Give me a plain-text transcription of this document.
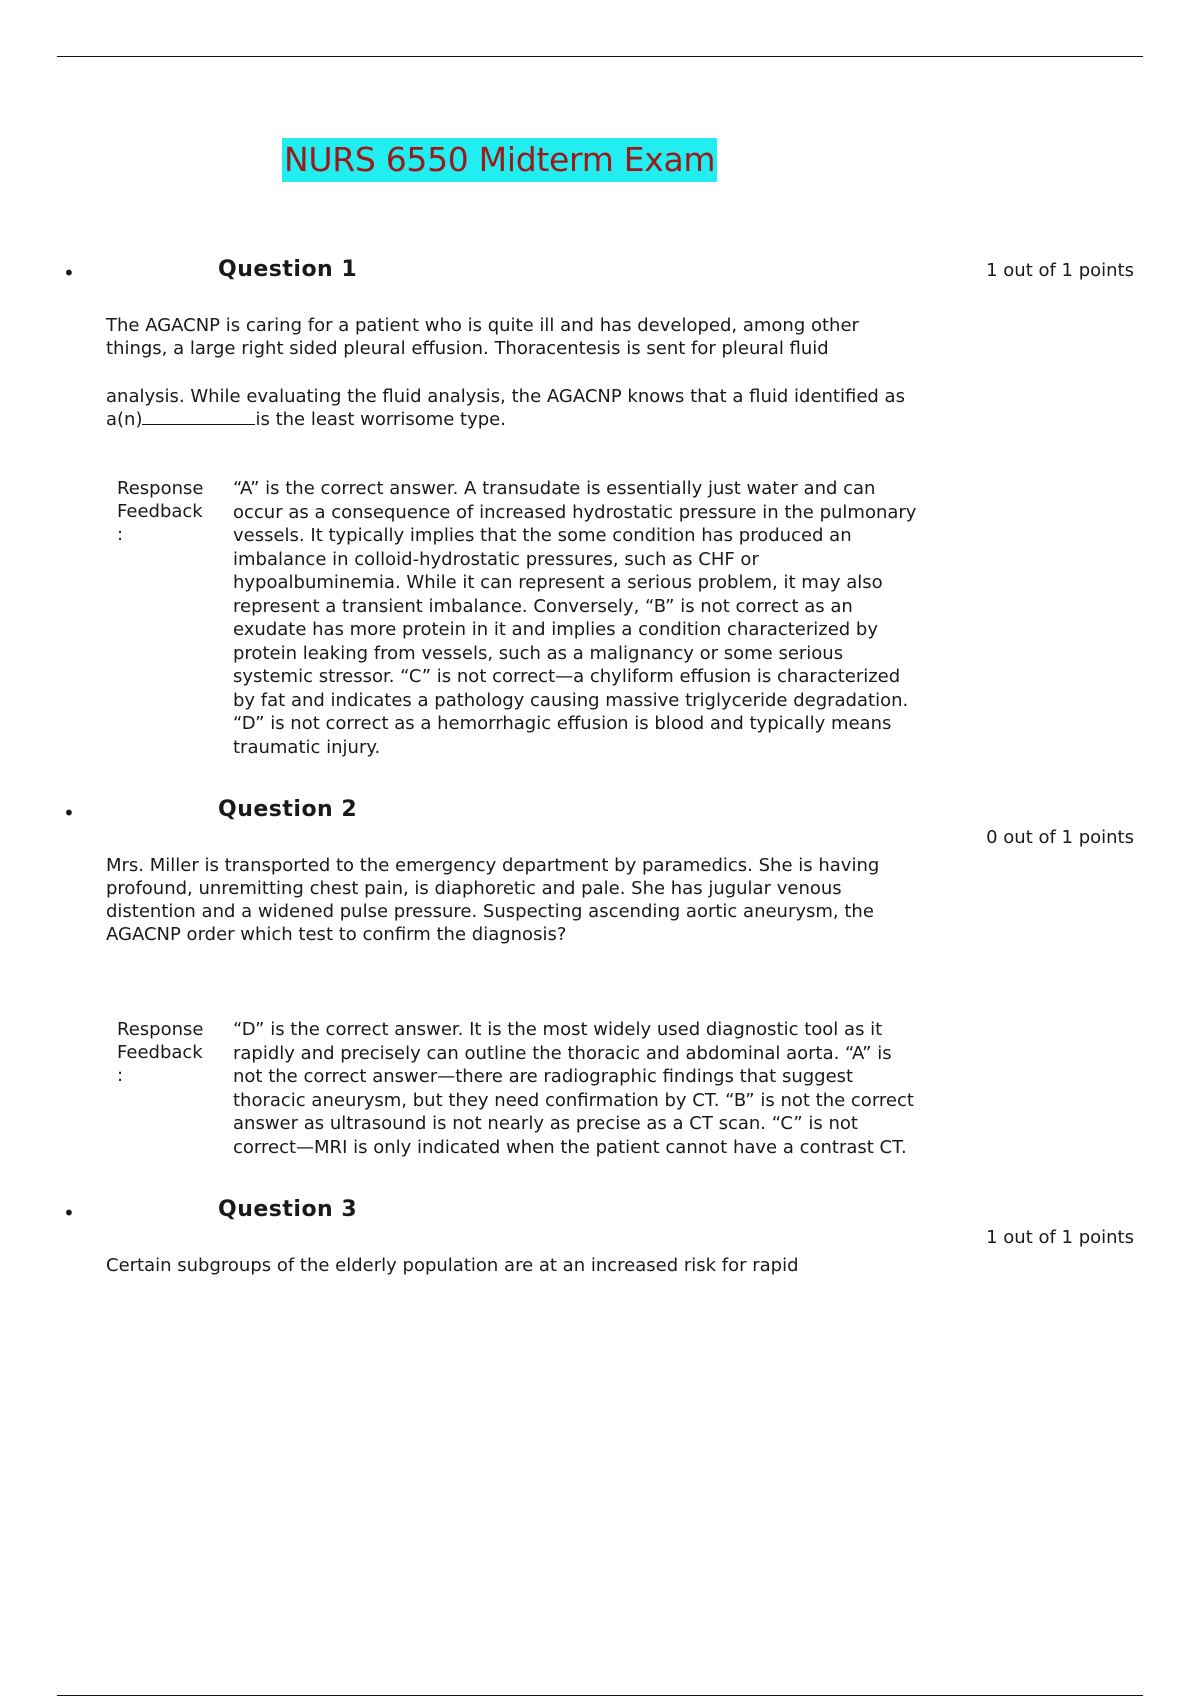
NURS 6550 Midterm Exam
•	Question 1	1 out of 1 points
The AGACNP is caring for a patient who is quite ill and has developed, among other
things, a large right sided pleural effusion. Thoracentesis is sent for pleural fluid
analysis. While evaluating the fluid analysis, the AGACNP knows that a fluid identified as
a(n)	is the least worrisome type.
Response
Feedback
:
“A” is the correct answer. A transudate is essentially just water and can
occur as a consequence of increased hydrostatic pressure in the pulmonary
vessels. It typically implies that the some condition has produced an
imbalance in colloid-hydrostatic pressures, such as CHF or
hypoalbuminemia. While it can represent a serious problem, it may also
represent a transient imbalance. Conversely, “B” is not correct as an
exudate has more protein in it and implies a condition characterized by
protein leaking from vessels, such as a malignancy or some serious
systemic stressor. “C” is not correct—a chyliform effusion is characterized
by fat and indicates a pathology causing massive triglyceride degradation.
“D” is not correct as a hemorrhagic effusion is blood and typically means
traumatic injury.
•	Question 2
0 out of 1 points
Mrs. Miller is transported to the emergency department by paramedics. She is having
profound, unremitting chest pain, is diaphoretic and pale. She has jugular venous
distention and a widened pulse pressure. Suspecting ascending aortic aneurysm, the
AGACNP order which test to confirm the diagnosis?
Response
Feedback
:
“D” is the correct answer. It is the most widely used diagnostic tool as it
rapidly and precisely can outline the thoracic and abdominal aorta. “A” is
not the correct answer—there are radiographic findings that suggest
thoracic aneurysm, but they need confirmation by CT. “B” is not the correct
answer as ultrasound is not nearly as precise as a CT scan. “C” is not
correct—MRI is only indicated when the patient cannot have a contrast CT.
•	Question 3
1 out of 1 points
Certain subgroups of the elderly population are at an increased risk for rapid
